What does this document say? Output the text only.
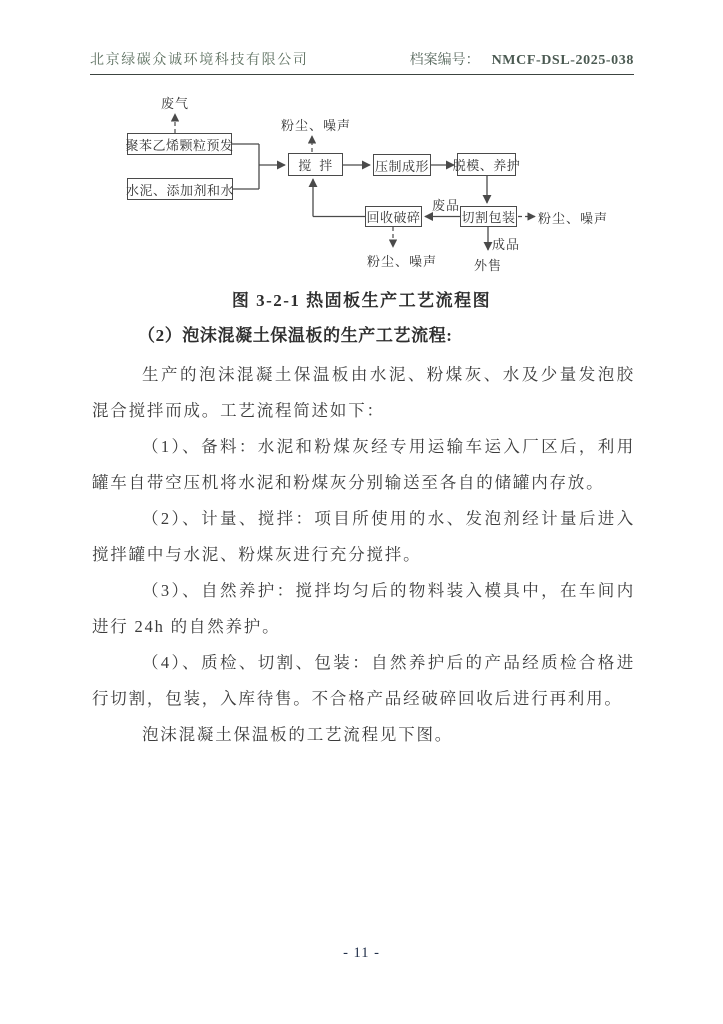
北京绿碳众诚环境科技有限公司	档案编号： NMCF-DSL-2025-038
聚苯乙烯颗粒预发
水泥、添加剂和水
搅  拌	压制成形 脱模、养护
切割包装
回收破碎
废气
粉尘、噪声
粉尘、噪声
粉尘、噪声
废品
成品
外售
图 3-2-1 热固板生产工艺流程图
（2）泡沫混凝土保温板的生产工艺流程:

生产的泡沫混凝土保温板由水泥、粉煤灰、水及少量发泡胶混合搅拌而成。工艺流程简述如下：

（1）、备料：水泥和粉煤灰经专用运输车运入厂区后，利用罐车自带空压机将水泥和粉煤灰分别输送至各自的储罐内存放。

（2）、计量、搅拌：项目所使用的水、发泡剂经计量后进入搅拌罐中与水泥、粉煤灰进行充分搅拌。

（3）、自然养护：搅拌均匀后的物料装入模具中，在车间内进行 24h 的自然养护。

（4）、质检、切割、包装：自然养护后的产品经质检合格进行切割，包装，入库待售。不合格产品经破碎回收后进行再利用。

泡沫混凝土保温板的工艺流程见下图。

- 11 -
